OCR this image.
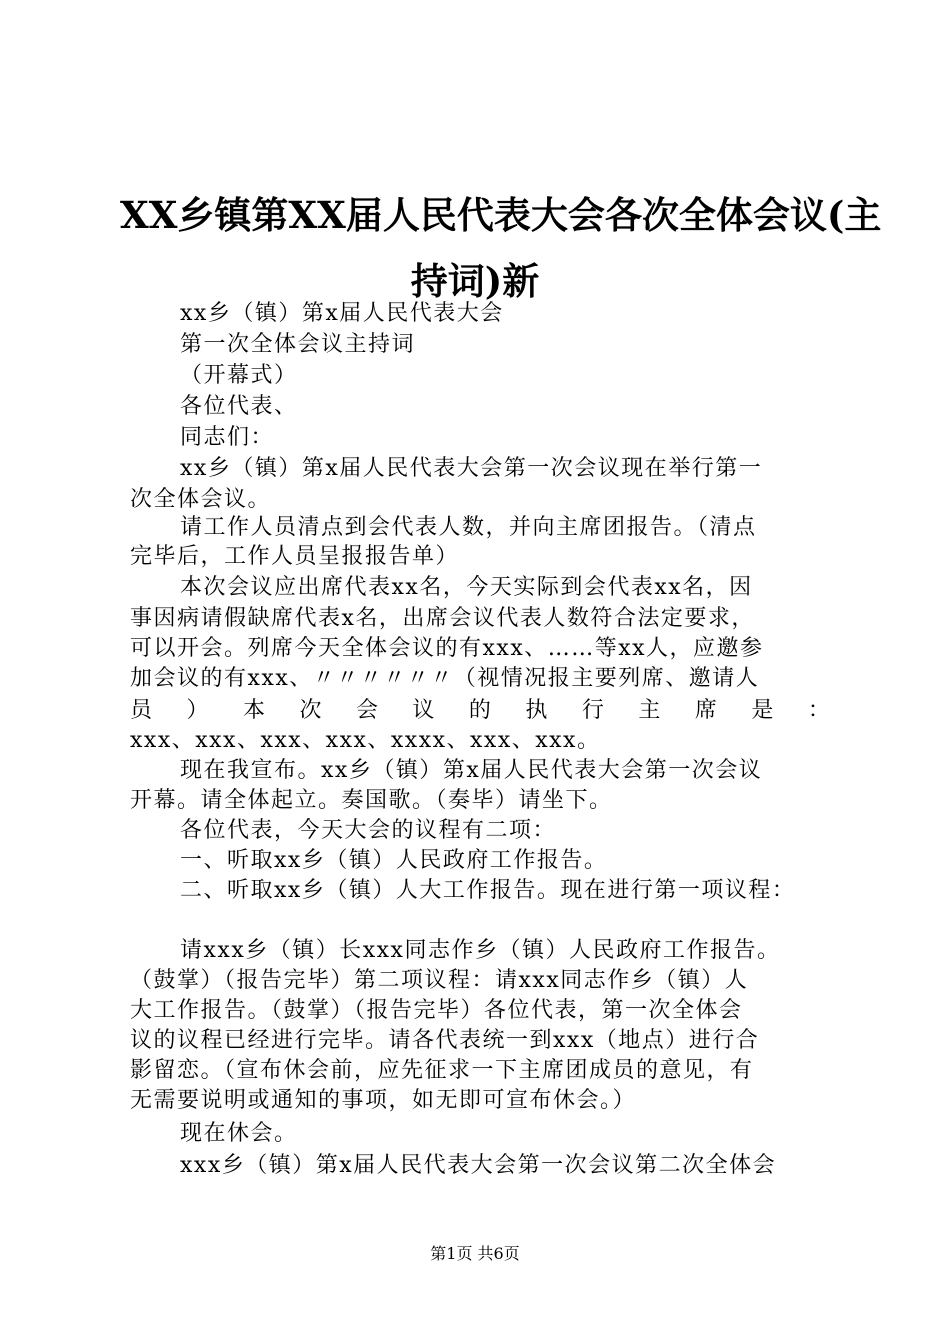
XX乡镇第XX届人民代表大会各次全体会议(主
持词)新
xx乡（镇）第x届人民代表大会
第一次全体会议主持词
（开幕式）
各位代表、
同志们：
xx乡（镇）第x届人民代表大会第一次会议现在举行第一
次全体会议。
请工作人员清点到会代表人数，并向主席团报告。（清点
完毕后，工作人员呈报报告单）
本次会议应出席代表xx名，今天实际到会代表xx名，因
事因病请假缺席代表x名，出席会议代表人数符合法定要求，
可以开会。列席今天全体会议的有xxx、……等xx人，应邀参
加会议的有xxx、〃〃〃〃〃〃（视情况报主要列席、邀请人
员 ） 本 次 会 议 的 执 行 主 席 是 ：
xxx、xxx、xxx、xxx、xxxx、xxx、xxx。
现在我宣布。xx乡（镇）第x届人民代表大会第一次会议
开幕。请全体起立。奏国歌。（奏毕）请坐下。
各位代表，今天大会的议程有二项：
一、听取xx乡（镇）人民政府工作报告。
二、听取xx乡（镇）人大工作报告。现在进行第一项议程：
请xxx乡（镇）长xxx同志作乡（镇）人民政府工作报告。
（鼓掌）（报告完毕）第二项议程：请xxx同志作乡（镇）人
大工作报告。（鼓掌）（报告完毕）各位代表，第一次全体会
议的议程已经进行完毕。请各代表统一到xxx（地点）进行合
影留恋。（宣布休会前，应先征求一下主席团成员的意见，有
无需要说明或通知的事项，如无即可宣布休会。）
现在休会。
xxx乡（镇）第x届人民代表大会第一次会议第二次全体会
第1页 共6页
